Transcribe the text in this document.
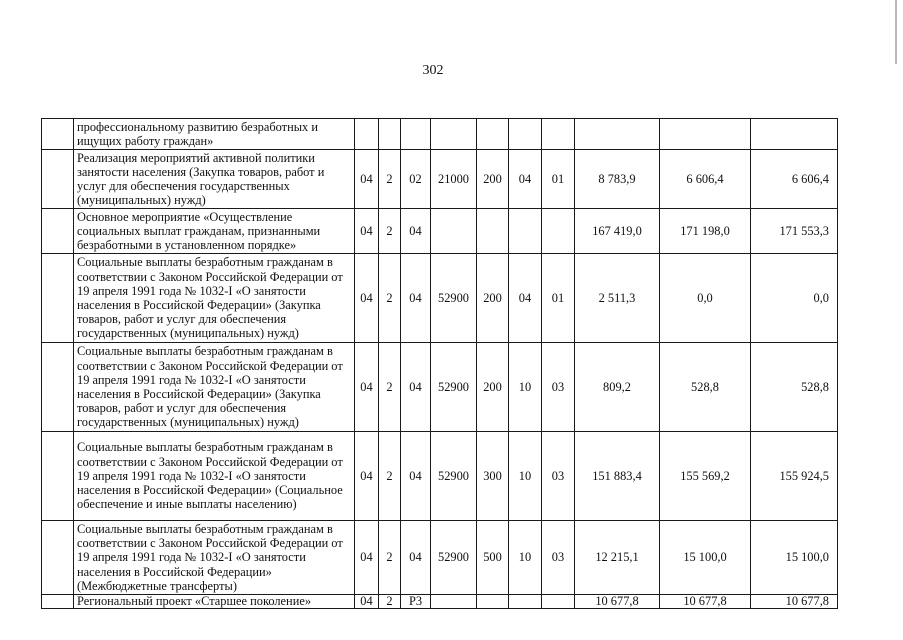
302
	профессиональному развитию безработных и ищущих работу граждан»										
	Реализация мероприятий активной политики занятости населения (Закупка товаров, работ и услуг для обеспечения государственных (муниципальных) нужд)	04	2	02	21000	200	04	01	8 783,9	6 606,4	6 606,4
	Основное мероприятие «Осуществление социальных выплат гражданам, признанными безработными в установленном порядке»	04	2	04					167 419,0	171 198,0	171 553,3
	Социальные выплаты безработным гражданам в соответствии с Законом Российской Федерации от 19 апреля 1991 года № 1032-I «О занятости населения в Российской Федерации» (Закупка товаров, работ и услуг для обеспечения государственных (муниципальных) нужд)	04	2	04	52900	200	04	01	2 511,3	0,0	0,0
	Социальные выплаты безработным гражданам в соответствии с Законом Российской Федерации от 19 апреля 1991 года № 1032-I «О занятости населения в Российской Федерации» (Закупка товаров, работ и услуг для обеспечения государственных (муниципальных) нужд)	04	2	04	52900	200	10	03	809,2	528,8	528,8
	Социальные выплаты безработным гражданам в соответствии с Законом Российской Федерации от 19 апреля 1991 года № 1032-I «О занятости населения в Российской Федерации» (Социальное обеспечение и иные выплаты населению)	04	2	04	52900	300	10	03	151 883,4	155 569,2	155 924,5
	Социальные выплаты безработным гражданам в соответствии с Законом Российской Федерации от 19 апреля 1991 года № 1032-I «О занятости населения в Российской Федерации» (Межбюджетные трансферты)	04	2	04	52900	500	10	03	12 215,1	15 100,0	15 100,0
	Региональный проект «Старшее поколение»	04	2	P3					10 677,8	10 677,8	10 677,8
